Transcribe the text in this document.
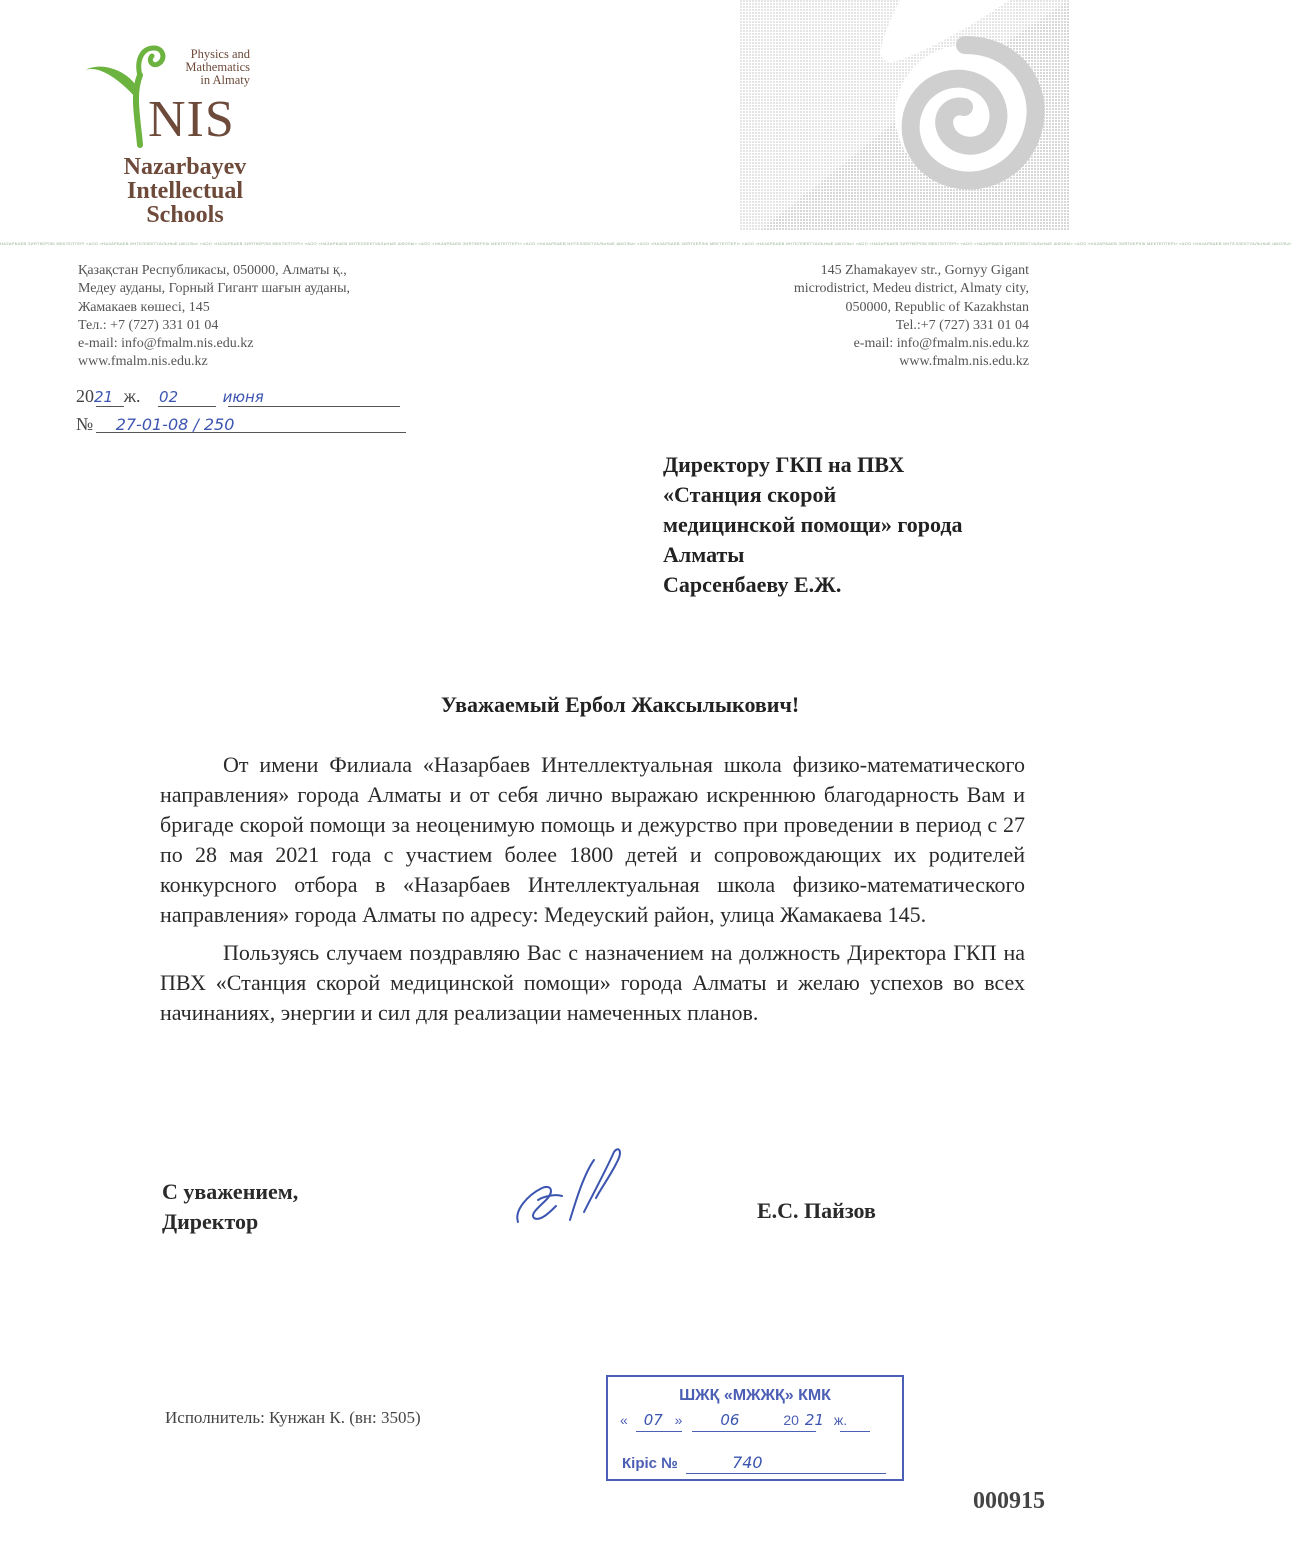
Physics and
Mathematics
in Almaty
NIS
Nazarbayev
Intellectual
Schools
НАЗАРБАЕВ ЗИЯТКЕРЛІК МЕКТЕПТЕРІ «АОО «НАЗАРБАЕВ ИНТЕЛЛЕКТУАЛЬНЫЕ ШКОЛЫ» «АОО «НАЗАРБАЕВ ЗИЯТКЕРЛІК МЕКТЕПТЕРІ» «АОО «НАЗАРБАЕВ ИНТЕЛЛЕКТУАЛЬНЫЕ ШКОЛЫ» «АОО «НАЗАРБАЕВ ЗИЯТКЕРЛІК МЕКТЕПТЕРІ» «АОО «НАЗАРБАЕВ ИНТЕЛЛЕКТУАЛЬНЫЕ ШКОЛЫ» «АОО «НАЗАРБАЕВ ЗИЯТКЕРЛІК МЕКТЕПТЕРІ» «АОО «НАЗАРБАЕВ ИНТЕЛЛЕКТУАЛЬНЫЕ ШКОЛЫ» «АОО «НАЗАРБАЕВ ЗИЯТКЕРЛІК МЕКТЕПТЕРІ» «АОО «НАЗАРБАЕВ ИНТЕЛЛЕКТУАЛЬНЫЕ ШКОЛЫ» «АОО «НАЗАРБАЕВ ЗИЯТКЕРЛІК МЕКТЕПТЕРІ» «АОО «НАЗАРБАЕВ ИНТЕЛЛЕКТУАЛЬНЫЕ ШКОЛЫ»
Қазақстан Республикасы, 050000, Алматы қ.,
Медеу ауданы, Горный Гигант шағын ауданы,
Жамакаев көшесі, 145
Тел.: +7 (727) 331 01 04
e-mail: info@fmalm.nis.edu.kz
www.fmalm.nis.edu.kz
145 Zhamakayev str., Gornyy Gigant
microdistrict, Medeu district, Almaty city,
050000, Republic of Kazakhstan
Tel.:+7 (727) 331 01 04
e-mail: info@fmalm.nis.edu.kz
www.fmalm.nis.edu.kz
2021 ж. 02	июня
№ 27-01-08 / 250
Директору ГКП на ПВХ
«Станция скорой
медицинской помощи» города
Алматы
Сарсенбаеву Е.Ж.
Уважаемый Ербол Жаксылыкович!

От имени Филиала «Назарбаев Интеллектуальная школа физико-математического направления» города Алматы и от себя лично выражаю искреннюю благодарность Вам и бригаде скорой помощи за неоценимую помощь и дежурство при проведении в период с 27 по 28 мая 2021 года с участием более 1800 детей и сопровождающих их родителей конкурсного отбора в «Назарбаев Интеллектуальная школа физико-математического направления» города Алматы по адресу: Медеуский район, улица Жамакаева 145.

Пользуясь случаем поздравляю Вас с назначением на должность Директора ГКП на ПВХ «Станция скорой медицинской помощи» города Алматы и желаю успехов во всех начинаниях, энергии и сил для реализации намеченных планов.

С уважением,
Директор	Е.С. Пайзов
Исполнитель: Кунжан К. (вн: 3505)
ШЖҚ «МЖЖҚ» КМК
« 07 »	06	20 21 ж.
Кіріс №	740
000915
